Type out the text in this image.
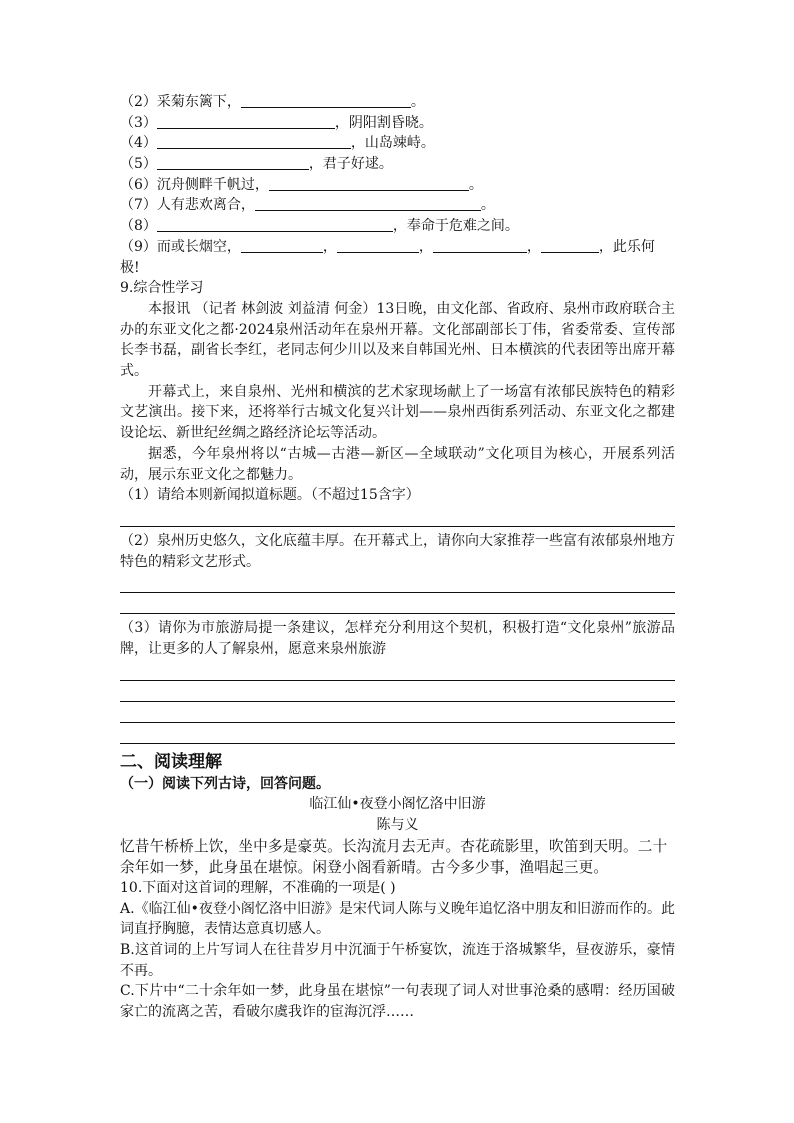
（2）采菊东篱下，	。
（3）	，阴阳割昏晓。
（4）	，山岛竦峙。
（5）	，君子好逑。
（6）沉舟侧畔千帆过，	。
（7）人有悲欢离合，	。
（8）	，奉命于危难之间。
（9）而或长烟空，	，	，	，	，此乐何
极!
9.综合性学习
本报讯 （记者 林剑波 刘益清 何金）13日晚，由文化部、省政府、泉州市政府联合主办的东亚文化之都·2024泉州活动年在泉州开幕。文化部副部长丁伟，省委常委、宣传部长李书磊，副省长李红，老同志何少川以及来自韩国光州、日本横滨的代表团等出席开幕式。
开幕式上，来自泉州、光州和横滨的艺术家现场献上了一场富有浓郁民族特色的精彩文艺演出。接下来，还将举行古城文化复兴计划——泉州西街系列活动、东亚文化之都建设论坛、新世纪丝绸之路经济论坛等活动。
据悉，今年泉州将以“古城—古港—新区—全域联动”文化项目为核心，开展系列活动，展示东亚文化之都魅力。
（1）请给本则新闻拟道标题。（不超过15含字）
（2）泉州历史悠久，文化底蕴丰厚。在开幕式上，请你向大家推荐一些富有浓郁泉州地方特色的精彩文艺形式。
（3）请你为市旅游局提一条建议，怎样充分利用这个契机，积极打造“文化泉州”旅游品牌，让更多的人了解泉州，愿意来泉州旅游
二、阅读理解
（一）阅读下列古诗，回答问题。
临江仙•夜登小阁忆洛中旧游
陈与义
忆昔午桥桥上饮，坐中多是豪英。长沟流月去无声。杏花疏影里，吹笛到天明。二十余年如一梦，此身虽在堪惊。闲登小阁看新晴。古今多少事，渔唱起三更。
10.下面对这首词的理解，不准确的一项是( )
A.《临江仙•夜登小阁忆洛中旧游》是宋代词人陈与义晚年追忆洛中朋友和旧游而作的。此词直抒胸臆，表情达意真切感人。
B.这首词的上片写词人在往昔岁月中沉湎于午桥宴饮，流连于洛城繁华，昼夜游乐，豪情不再。
C.下片中“二十余年如一梦，此身虽在堪惊”一句表现了词人对世事沧桑的感喟：经历国破家亡的流离之苦，看破尔虞我诈的宦海沉浮……
